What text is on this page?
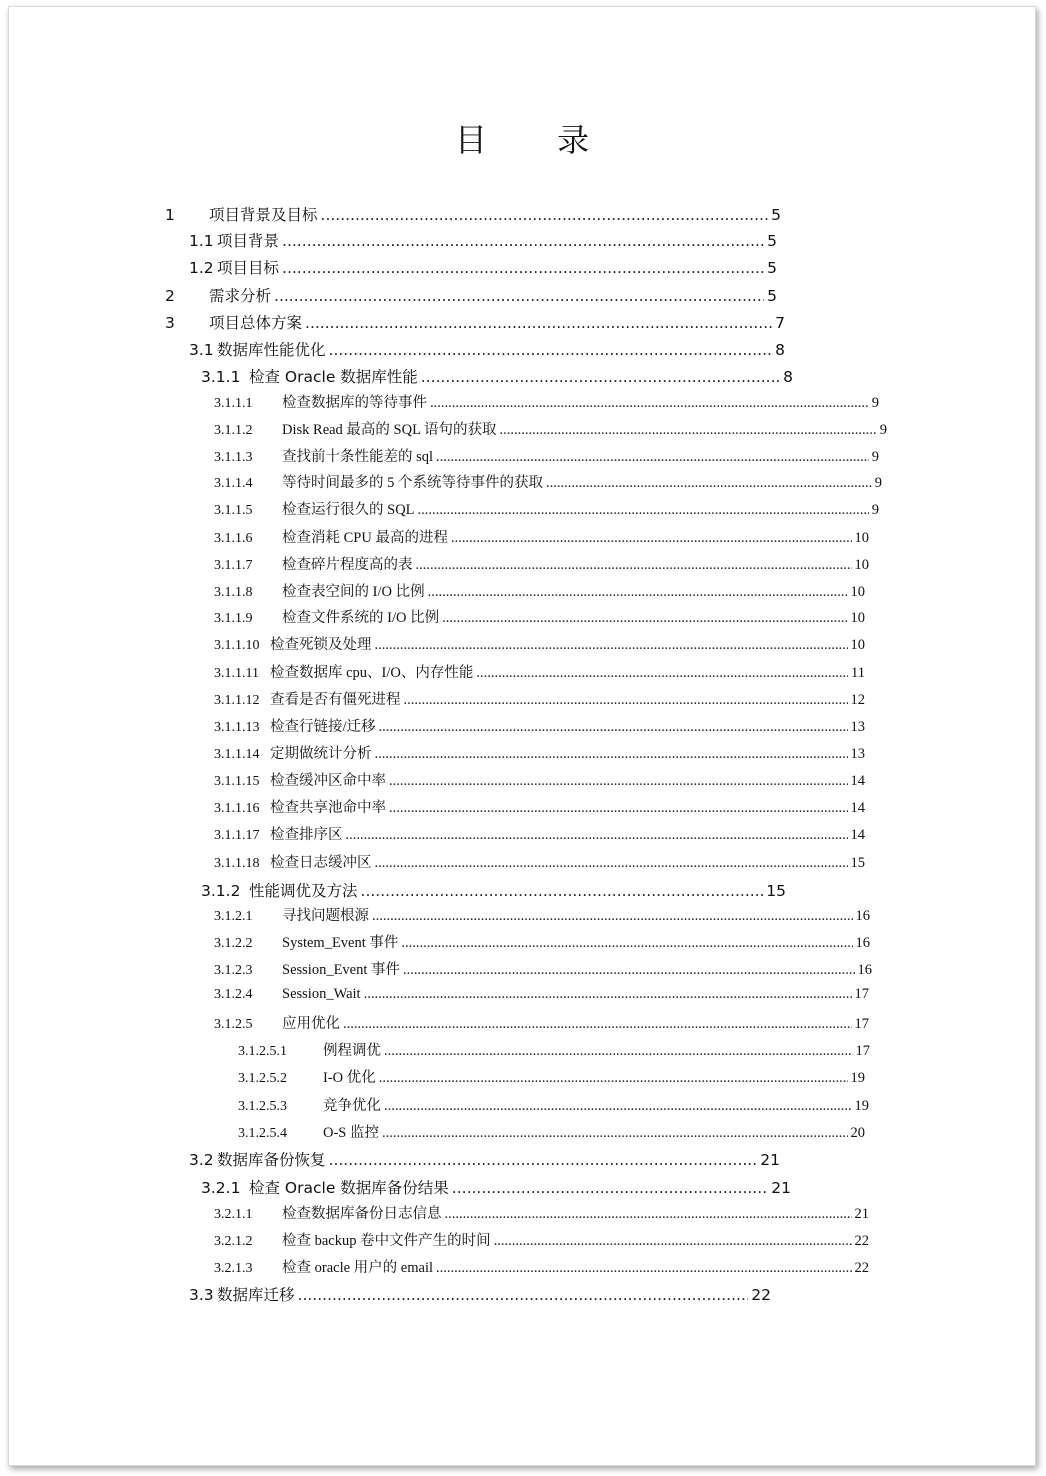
目 录
1	项目背景及目标 .....	5
1.1 项目背景 .....	5
1.2 项目目标 .....	5
2	需求分析 .....	5
3	项目总体方案 .....	7
3.1 数据库性能优化 .....	8
3.1.1 检查 Oracle 数据库性能 .....	8
3.1.1.1	检查数据库的等待事件 .....	9
3.1.1.2	Disk Read 最高的 SQL 语句的获取 .....	9
3.1.1.3	查找前十条性能差的 sql .....	9
3.1.1.4	等待时间最多的 5 个系统等待事件的获取 .....	9
3.1.1.5	检查运行很久的 SQL .....	9
3.1.1.6	检查消耗 CPU 最高的进程 .....	10
3.1.1.7	检查碎片程度高的表 .....	10
3.1.1.8	检查表空间的 I/O 比例 .....	10
3.1.1.9	检查文件系统的 I/O 比例 .....	10
3.1.1.10 检查死锁及处理 .....	10
3.1.1.11 检查数据库 cpu、I/O、内存性能 .....	11
3.1.1.12 查看是否有僵死进程 .....	12
3.1.1.13 检查行链接/迁移 .....	13
3.1.1.14 定期做统计分析 .....	13
3.1.1.15 检查缓冲区命中率 .....	14
3.1.1.16 检查共享池命中率 .....	14
3.1.1.17 检查排序区 .....	14
3.1.1.18 检查日志缓冲区 .....	15
3.1.2 性能调优及方法 .....	15
3.1.2.1	寻找问题根源 .....	16
3.1.2.2	System_Event 事件 .....	16
3.1.2.3	Session_Event 事件 .....	16
3.1.2.4	Session_Wait .....	17
3.1.2.5	应用优化 .....	17
3.1.2.5.1	例程调优 .....	17
3.1.2.5.2	I-O 优化 .....	19
3.1.2.5.3	竞争优化 .....	19
3.1.2.5.4	O-S 监控 .....	20
3.2 数据库备份恢复 .....	21
3.2.1 检查 Oracle 数据库备份结果 .....	21
3.2.1.1	检查数据库备份日志信息 .....	21
3.2.1.2	检查 backup 卷中文件产生的时间 .....	22
3.2.1.3	检查 oracle 用户的 email .....	22
3.3 数据库迁移 .....	22
